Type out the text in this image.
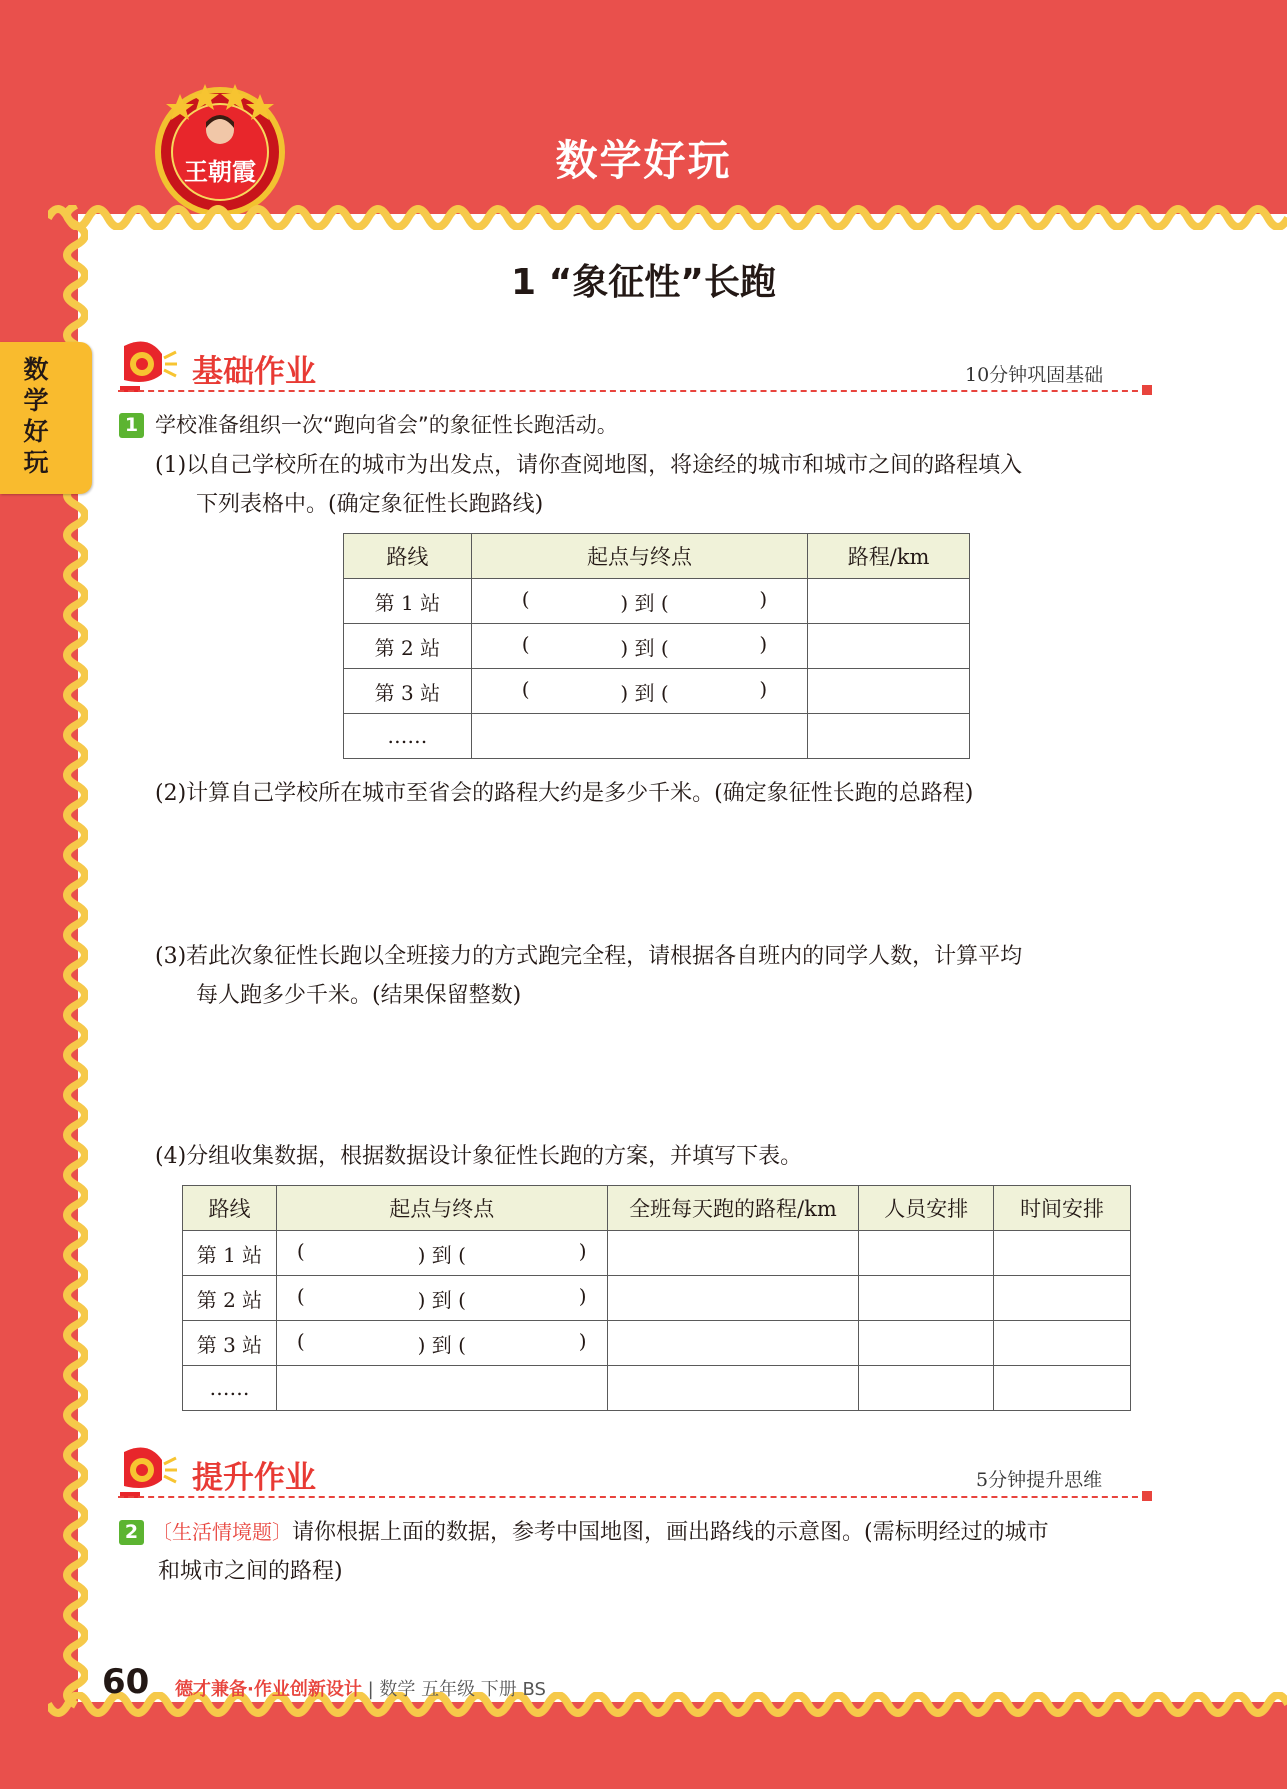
王朝霞	数学好玩
数学好玩
1 “象征性”长跑
基础作业	10分钟巩固基础
1 学校准备组织一次“跑向省会”的象征性长跑活动。
(1)以自己学校所在的城市为出发点，请你查阅地图，将途经的城市和城市之间的路程填入
下列表格中。(确定象征性长跑路线)
路线	起点与终点	路程/km
第 1 站	( ) 到 ( )	

第 2 站	( ) 到 ( )	

第 3 站	( ) 到 ( )	

……		
(2)计算自己学校所在城市至省会的路程大约是多少千米。(确定象征性长跑的总路程)
(3)若此次象征性长跑以全班接力的方式跑完全程，请根据各自班内的同学人数，计算平均
每人跑多少千米。(结果保留整数)
(4)分组收集数据，根据数据设计象征性长跑的方案，并填写下表。
路线	起点与终点	全班每天跑的路程/km	人员安排	时间安排
第 1 站	( ) 到 ( )			

第 2 站	( ) 到 ( )			

第 3 站	( ) 到 ( )			

……				
提升作业	5分钟提升思维
2 〔生活情境题〕请你根据上面的数据，参考中国地图，画出路线的示意图。(需标明经过的城市
和城市之间的路程)
60 德才兼备·作业创新设计 | 数学 五年级 下册 BS
